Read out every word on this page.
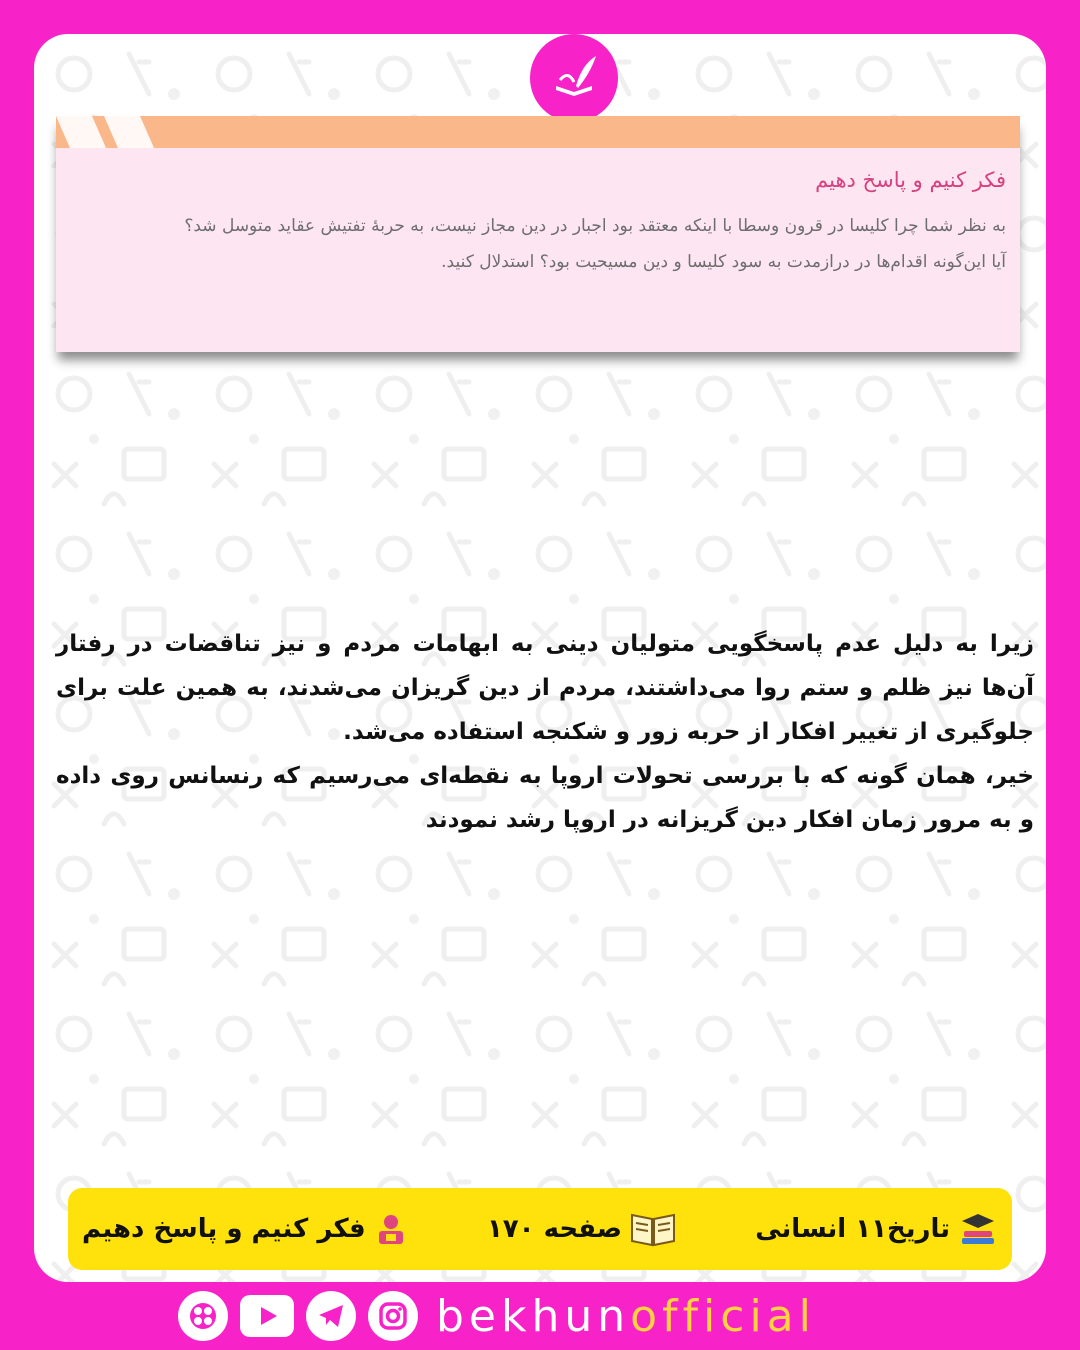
فکر کنیم و پاسخ دهیم

به نظر شما چرا کلیسا در قرون وسطا با اینکه معتقد بود اجبار در دین مجاز نیست، به حربهٔ تفتیش عقاید متوسل شد؟

آیا این‌گونه اقدام‌ها در درازمدت به سود کلیسا و دین مسیحیت بود؟ استدلال کنید.

زیرا به دلیل عدم پاسخگویی متولیان دینی به ابهامات مردم و نیز تناقضات در رفتار آن‌ها نیز ظلم و ستم روا می‌داشتند، مردم از دین گریزان می‌شدند، به همین علت برای جلوگیری از تغییر افکار از حربه زور و شکنجه استفاده می‌شد.

خیر، همان گونه که با بررسی تحولات اروپا به نقطه‌ای می‌رسیم که رنسانس روی داده و به مرور زمان افکار دین گریزانه در اروپا رشد نمودند

فکر کنیم و پاسخ دهیم	صفحه ۱۷۰	تاریخ۱۱ انسانی
bekhunofficial
